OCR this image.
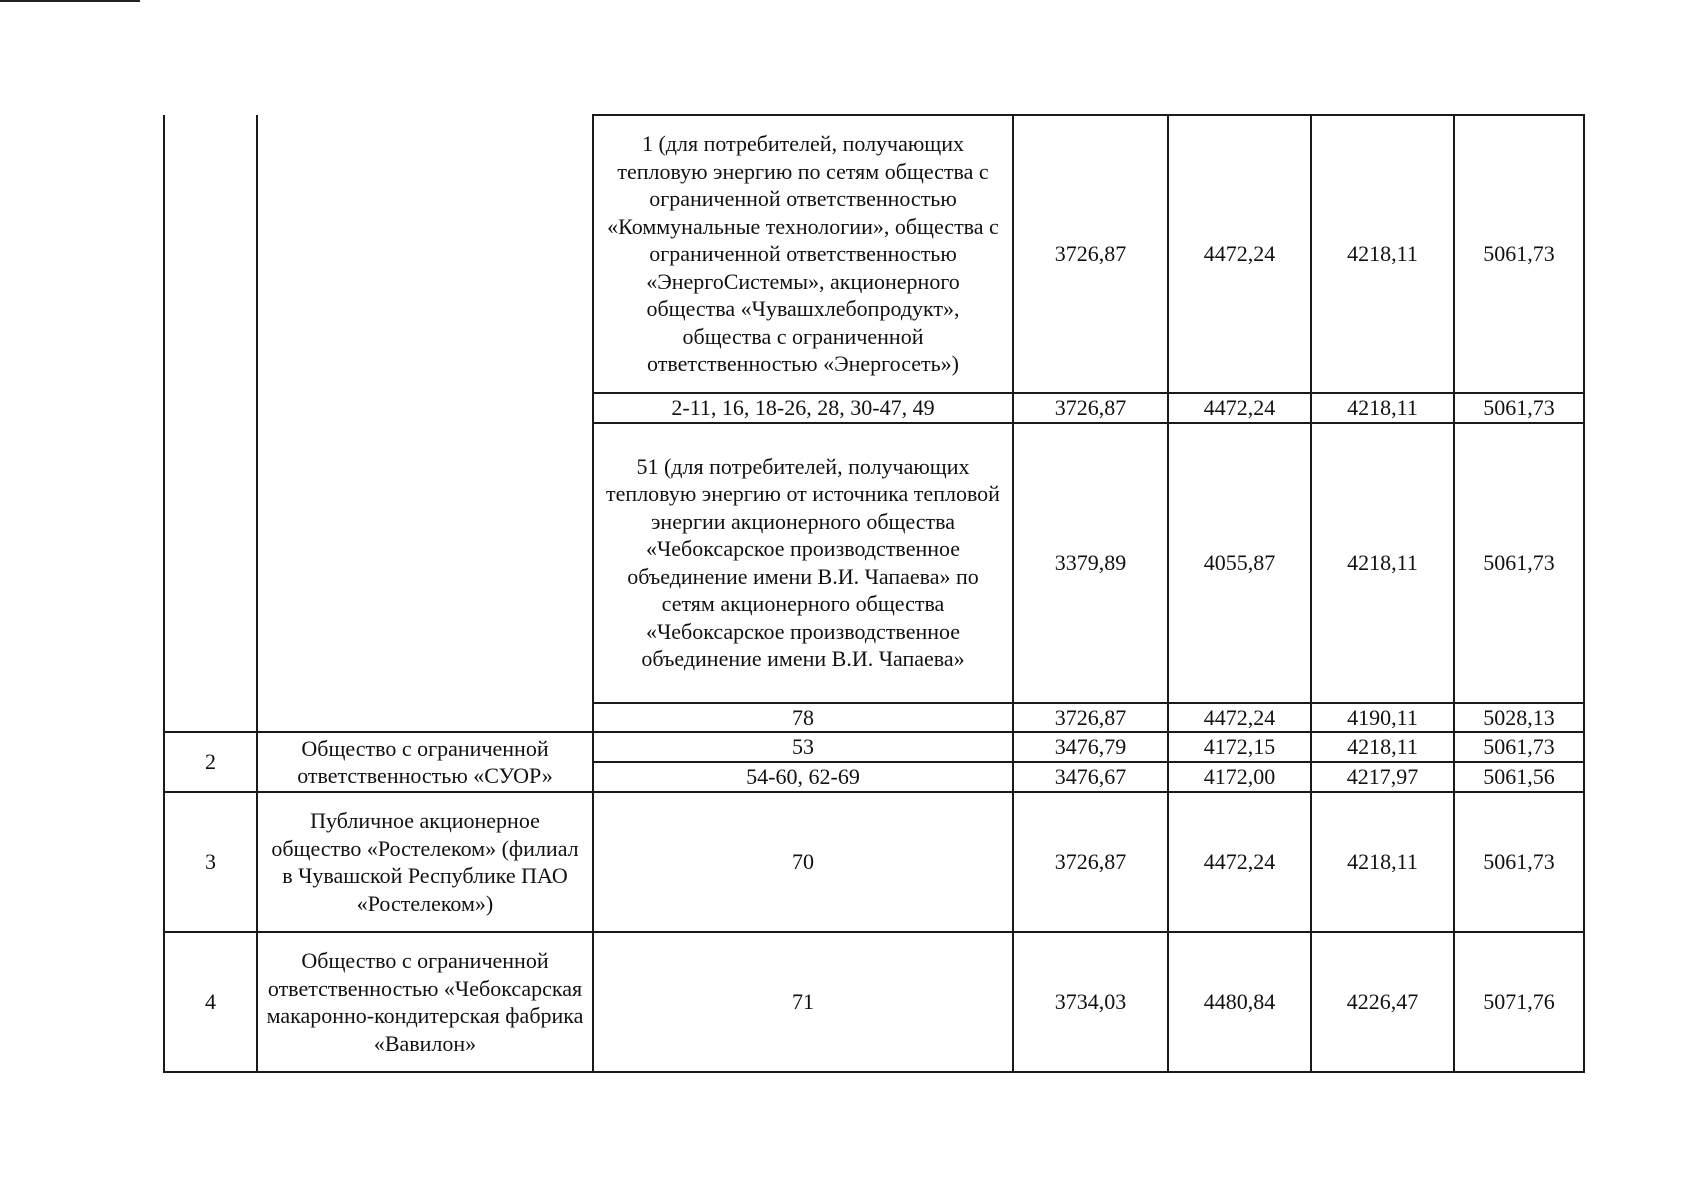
		1 (для потребителей, получающих тепловую энергию по сетям общества с ограниченной ответственностью «Коммунальные технологии», общества с ограниченной ответственностью «ЭнергоСистемы», акционерного общества «Чувашхлебопродукт», общества с ограниченной ответственностью «Энергосеть»)	3726,87	4472,24	4218,11	5061,73
		2-11, 16, 18-26, 28, 30-47, 49	3726,87	4472,24	4218,11	5061,73
		51 (для потребителей, получающих тепловую энергию от источника тепловой энергии акционерного общества «Чебоксарское производственное объединение имени В.И. Чапаева» по сетям акционерного общества «Чебоксарское производственное объединение имени В.И. Чапаева»	3379,89	4055,87	4218,11	5061,73
		78	3726,87	4472,24	4190,11	5028,13
2	Общество с ограниченной ответственностью «СУОР»	53	3476,79	4172,15	4218,11	5061,73
		54-60, 62-69	3476,67	4172,00	4217,97	5061,56
3	Публичное акционерное общество «Ростелеком» (филиал в Чувашской Республике ПАО «Ростелеком»)	70	3726,87	4472,24	4218,11	5061,73
4	Общество с ограниченной ответственностью «Чебоксарская макаронно-кондитерская фабрика «Вавилон»	71	3734,03	4480,84	4226,47	5071,76
